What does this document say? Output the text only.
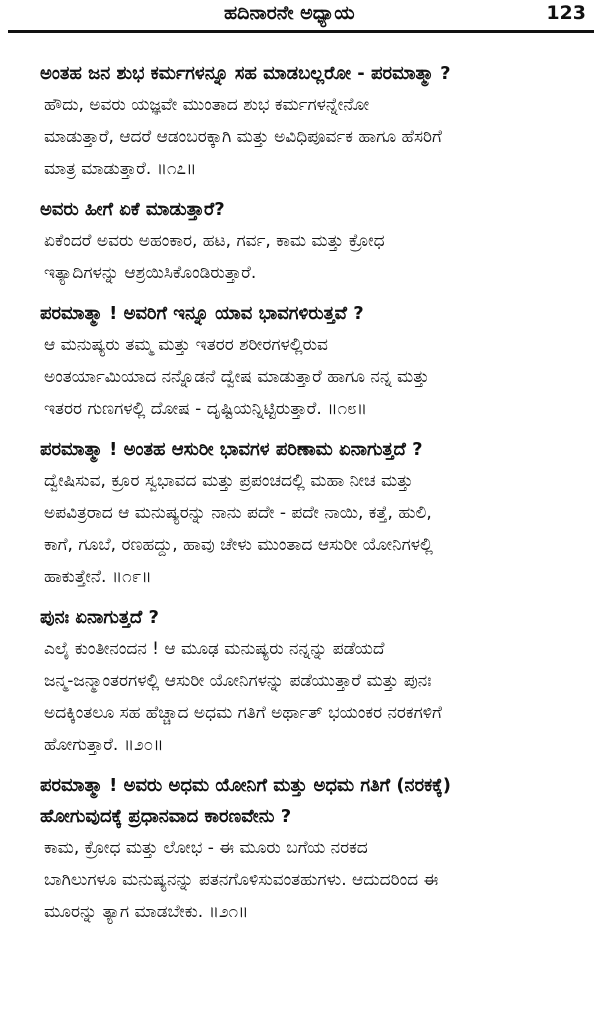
ಹದಿನಾರನೇ ಅಧ್ಯಾಯ	123
ಅಂತಹ ಜನ ಶುಭ ಕರ್ಮಗಳನ್ನೂ ಸಹ ಮಾಡಬಲ್ಲರೋ - ಪರಮಾತ್ಮಾ ?
ಹೌದು, ಅವರು ಯಜ್ಞವೇ ಮುಂತಾದ ಶುಭ ಕರ್ಮಗಳನ್ನೇನೋ
ಮಾಡುತ್ತಾರೆ, ಆದರೆ ಆಡಂಬರಕ್ಕಾಗಿ ಮತ್ತು ಅವಿಧಿಪೂರ್ವಕ ಹಾಗೂ ಹೆಸರಿಗೆ
ಮಾತ್ರ ಮಾಡುತ್ತಾರೆ. ॥೧೭॥
ಅವರು ಹೀಗೆ ಏಕೆ ಮಾಡುತ್ತಾರೆ?
ಏಕೆಂದರೆ ಅವರು ಅಹಂಕಾರ, ಹಟ, ಗರ್ವ, ಕಾಮ ಮತ್ತು ಕ್ರೋಧ
ಇತ್ಯಾದಿಗಳನ್ನು ಆಶ್ರಯಿಸಿಕೊಂಡಿರುತ್ತಾರೆ.
ಪರಮಾತ್ಮಾ ! ಅವರಿಗೆ ಇನ್ನೂ ಯಾವ ಭಾವಗಳಿರುತ್ತವೆ ?
ಆ ಮನುಷ್ಯರು ತಮ್ಮ ಮತ್ತು ಇತರರ ಶರೀರಗಳಲ್ಲಿರುವ
ಅಂತರ್ಯಾಮಿಯಾದ ನನ್ನೊಡನೆ ದ್ವೇಷ ಮಾಡುತ್ತಾರೆ ಹಾಗೂ ನನ್ನ ಮತ್ತು
ಇತರರ ಗುಣಗಳಲ್ಲಿ ದೋಷ - ದೃಷ್ಟಿಯನ್ನಿಟ್ಟಿರುತ್ತಾರೆ. ॥೧೮॥
ಪರಮಾತ್ಮಾ ! ಅಂತಹ ಆಸುರೀ ಭಾವಗಳ ಪರಿಣಾಮ ಏನಾಗುತ್ತದೆ ?
ದ್ವೇಷಿಸುವ, ಕ್ರೂರ ಸ್ವಭಾವದ ಮತ್ತು ಪ್ರಪಂಚದಲ್ಲಿ ಮಹಾ ನೀಚ ಮತ್ತು
ಅಪವಿತ್ರರಾದ ಆ ಮನುಷ್ಯರನ್ನು ನಾನು ಪದೇ - ಪದೇ ನಾಯಿ, ಕತ್ತೆ, ಹುಲಿ,
ಕಾಗೆ, ಗೂಬೆ, ರಣಹದ್ದು, ಹಾವು ಚೇಳು ಮುಂತಾದ ಆಸುರೀ ಯೋನಿಗಳಲ್ಲಿ
ಹಾಕುತ್ತೇನೆ. ॥೧೯॥
ಪುನಃ ಏನಾಗುತ್ತದೆ ?
ಎಲೈ ಕುಂತೀನಂದನ ! ಆ ಮೂಢ ಮನುಷ್ಯರು ನನ್ನನ್ನು ಪಡೆಯದೆ
ಜನ್ಮ-ಜನ್ಮಾಂತರಗಳಲ್ಲಿ ಆಸುರೀ ಯೋನಿಗಳನ್ನು ಪಡೆಯುತ್ತಾರೆ ಮತ್ತು ಪುನಃ
ಅದಕ್ಕಿಂತಲೂ ಸಹ ಹೆಚ್ಚಾದ ಅಧಮ ಗತಿಗೆ ಅರ್ಥಾತ್ ಭಯಂಕರ ನರಕಗಳಿಗೆ
ಹೋಗುತ್ತಾರೆ. ॥೨೦॥
ಪರಮಾತ್ಮಾ ! ಅವರು ಅಧಮ ಯೋನಿಗೆ ಮತ್ತು ಅಧಮ ಗತಿಗೆ (ನರಕಕ್ಕೆ)
ಹೋಗುವುದಕ್ಕೆ ಪ್ರಧಾನವಾದ ಕಾರಣವೇನು ?
ಕಾಮ, ಕ್ರೋಧ ಮತ್ತು ಲೋಭ - ಈ ಮೂರು ಬಗೆಯ ನರಕದ
ಬಾಗಿಲುಗಳೂ ಮನುಷ್ಯನನ್ನು ಪತನಗೊಳಿಸುವಂತಹುಗಳು. ಆದುದರಿಂದ ಈ
ಮೂರನ್ನು ತ್ಯಾಗ ಮಾಡಬೇಕು. ॥೨೧॥
